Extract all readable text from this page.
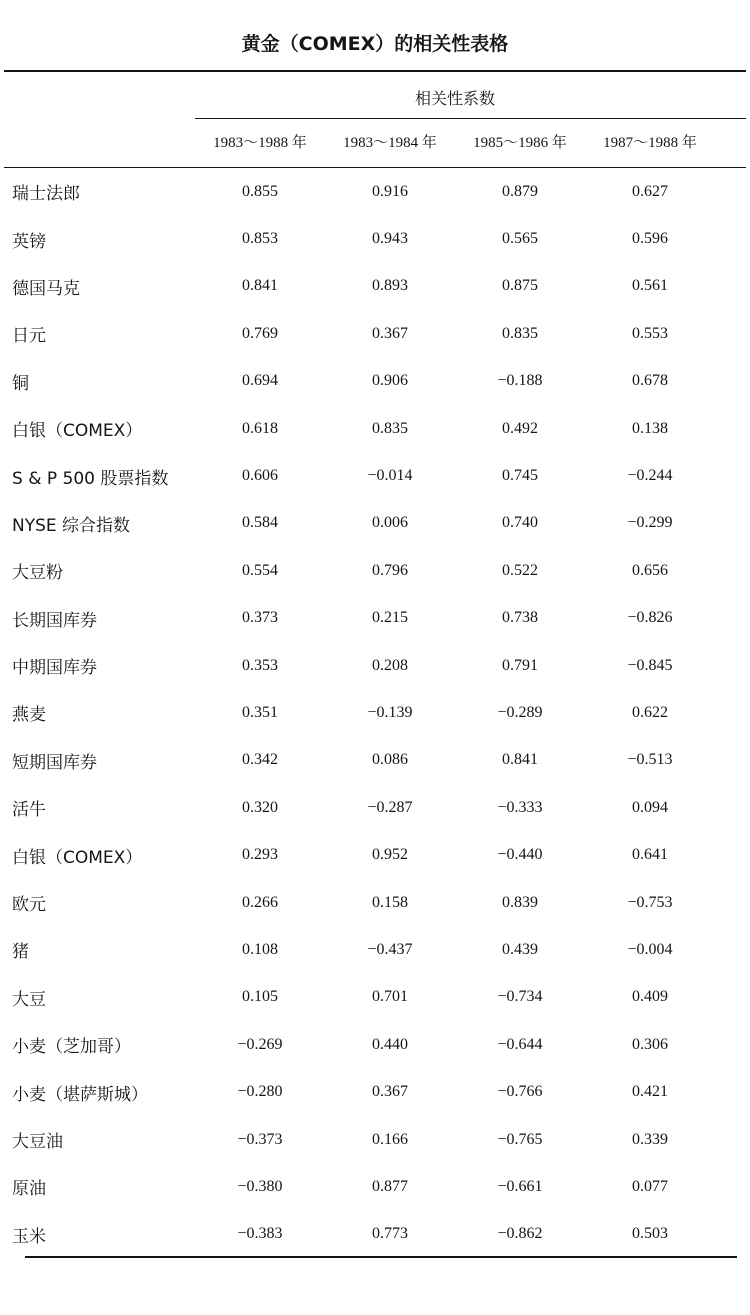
黄金（COMEX）的相关性表格
相关性系数
1983～1988 年	1983～1984 年	1985～1986 年	1987～1988 年
瑞士法郎	0.855	0.916	0.879	0.627
英镑	0.853	0.943	0.565	0.596
德国马克	0.841	0.893	0.875	0.561
日元	0.769	0.367	0.835	0.553
铜	0.694	0.906	−0.188	0.678
白银（COMEX）	0.618	0.835	0.492	0.138
S & P 500 股票指数	0.606	−0.014	0.745	−0.244
NYSE 综合指数	0.584	0.006	0.740	−0.299
大豆粉	0.554	0.796	0.522	0.656
长期国库券	0.373	0.215	0.738	−0.826
中期国库券	0.353	0.208	0.791	−0.845
燕麦	0.351	−0.139	−0.289	0.622
短期国库券	0.342	0.086	0.841	−0.513
活牛	0.320	−0.287	−0.333	0.094
白银（COMEX）	0.293	0.952	−0.440	0.641
欧元	0.266	0.158	0.839	−0.753
猪	0.108	−0.437	0.439	−0.004
大豆	0.105	0.701	−0.734	0.409
小麦（芝加哥）	−0.269	0.440	−0.644	0.306
小麦（堪萨斯城）	−0.280	0.367	−0.766	0.421
大豆油	−0.373	0.166	−0.765	0.339
原油	−0.380	0.877	−0.661	0.077
玉米	−0.383	0.773	−0.862	0.503
